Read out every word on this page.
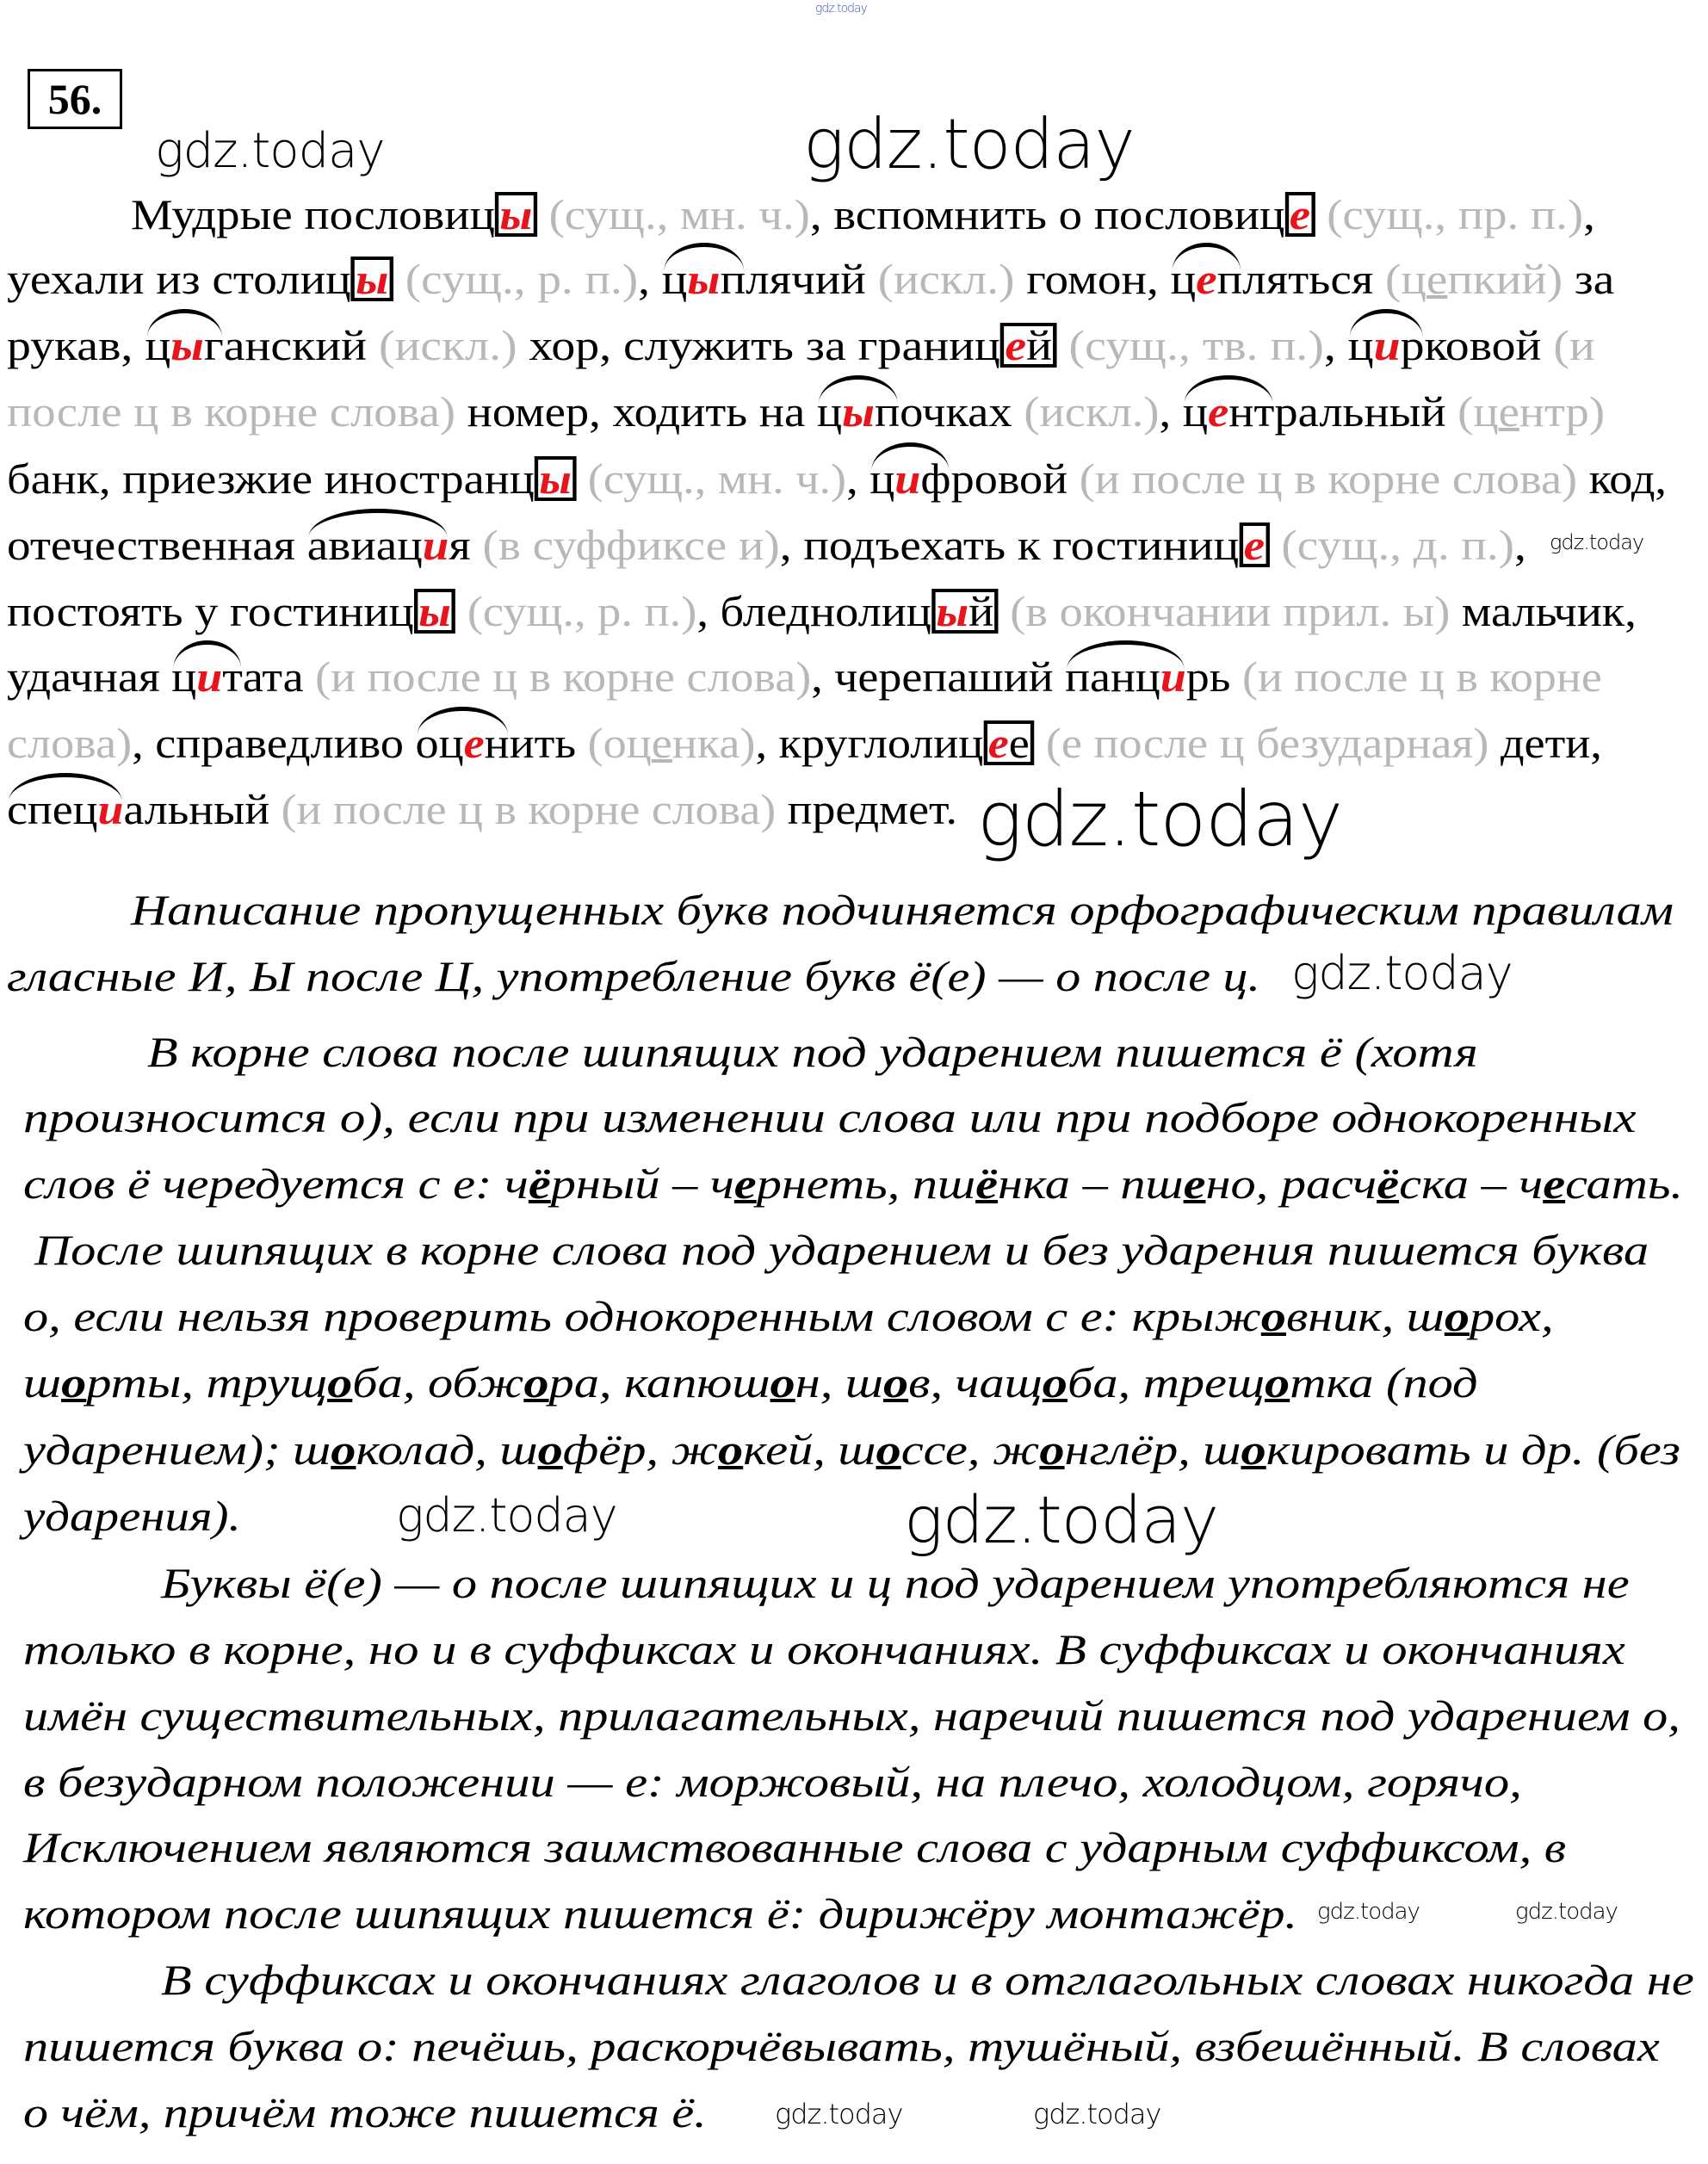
56.
Мудрые пословиц ы (сущ., мн. ч.), вспомнить о пословиц е (сущ., пр. п.),
уехали из столиц ы (сущ., р. п.), цыплячий (искл.) гомон, цепляться (цепкий) за
рукав, цыганский (искл.) хор, служить за границ ей (сущ., тв. п.), цирковой (и
после ц в корне слова) номер, ходить на цыпочках (искл.), центральный (центр)
банк, приезжие иностранц ы (сущ., мн. ч.), цифровой (и после ц в корне слова) код,
отечественная авиация (в суффиксе и), подъехать к гостиниц е (сущ., д. п.),
постоять у гостиниц ы (сущ., р. п.), бледнолиц ый (в окончании прил. ы) мальчик,
удачная цитата (и после ц в корне слова), черепаший панцирь (и после ц в корне
слова), справедливо оценить (оценка), круглолиц ее (е после ц безударная) дети,
специальный (и после ц в корне слова) предмет.
Написание пропущенных букв подчиняется орфографическим правилам
гласные И, Ы после Ц, употребление букв ё(е) — о после ц.
В корне слова после шипящих под ударением пишется ё (хотя
произносится о), если при изменении слова или при подборе однокоренных
слов ё чередуется с е: чёрный – чернеть, пшёнка – пшено, расчёска – чесать.
После шипящих в корне слова под ударением и без ударения пишется буква
о, если нельзя проверить однокоренным словом с е: крыжовник, шорох,
шорты, трущоба, обжора, капюшон, шов, чащоба, трещотка (под
ударением); шоколад, шофёр, жокей, шоссе, жонглёр, шокировать и др. (без
ударения).
Буквы ё(е) — о после шипящих и ц под ударением употребляются не
только в корне, но и в суффиксах и окончаниях. В суффиксах и окончаниях
имён существительных, прилагательных, наречий пишется под ударением о,
в безударном положении — е: моржовый, на плечо, холодцом, горячо,
Исключением являются заимствованные слова с ударным суффиксом, в
котором после шипящих пишется ё: дирижёру монтажёр.
В суффиксах и окончаниях глаголов и в отглагольных словах никогда не
пишется буква о: печёшь, раскорчёвывать, тушёный, взбешённый. В словах
о чём, причём тоже пишется ё.
gdz.today
gdz.today	gdz.today
gdz.today
gdz.today
gdz.today
gdz.today	gdz.today
gdz.today	gdz.today
gdz.today	gdz.today
